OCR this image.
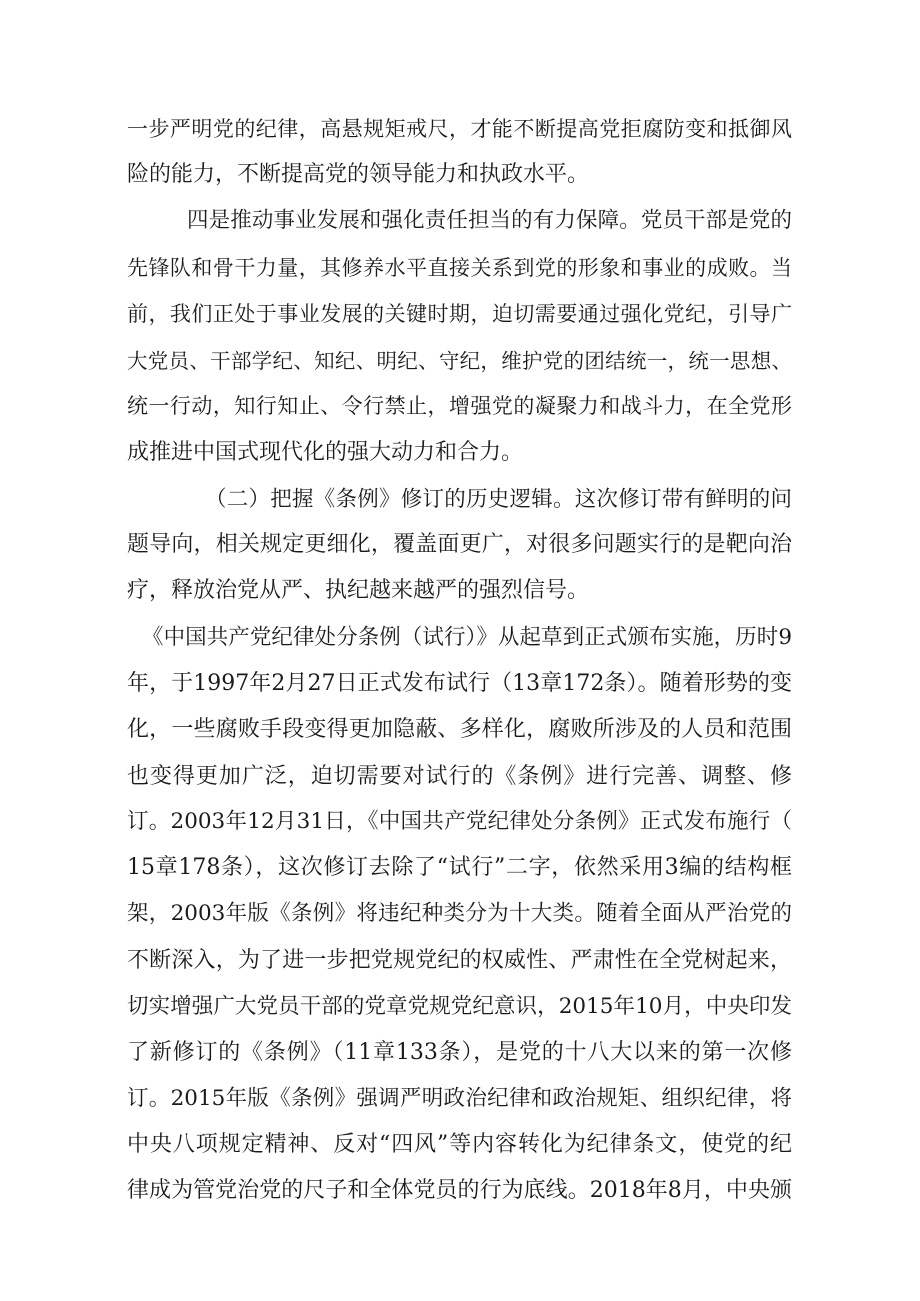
一步严明党的纪律，高悬规矩戒尺，才能不断提高党拒腐防变和抵御风

险的能力，不断提高党的领导能力和执政水平。

四是推动事业发展和强化责任担当的有力保障。党员干部是党的

先锋队和骨干力量，其修养水平直接关系到党的形象和事业的成败。当

前，我们正处于事业发展的关键时期，迫切需要通过强化党纪，引导广

大党员、干部学纪、知纪、明纪、守纪，维护党的团结统一，统一思想、

统一行动，知行知止、令行禁止，增强党的凝聚力和战斗力，在全党形

成推进中国式现代化的强大动力和合力。

（二）把握《条例》修订的历史逻辑。这次修订带有鲜明的问

题导向，相关规定更细化，覆盖面更广，对很多问题实行的是靶向治

疗，释放治党从严、执纪越来越严的强烈信号。

《中国共产党纪律处分条例（试行）》从起草到正式颁布实施，历时9

年，于1997年2月27日正式发布试行（13章172条）。随着形势的变

化，一些腐败手段变得更加隐蔽、多样化，腐败所涉及的人员和范围

也变得更加广泛，迫切需要对试行的《条例》进行完善、调整、修

订。2003年12月31日，《中国共产党纪律处分条例》正式发布施行（

15章178条），这次修订去除了“试行”二字，依然采用3编的结构框

架，2003年版《条例》将违纪种类分为十大类。随着全面从严治党的

不断深入，为了进一步把党规党纪的权威性、严肃性在全党树起来，

切实增强广大党员干部的党章党规党纪意识，2015年10月，中央印发

了新修订的《条例》（11章133条），是党的十八大以来的第一次修

订。2015年版《条例》强调严明政治纪律和政治规矩、组织纪律，将

中央八项规定精神、反对“四风”等内容转化为纪律条文，使党的纪

律成为管党治党的尺子和全体党员的行为底线。2018年8月，中央颁
